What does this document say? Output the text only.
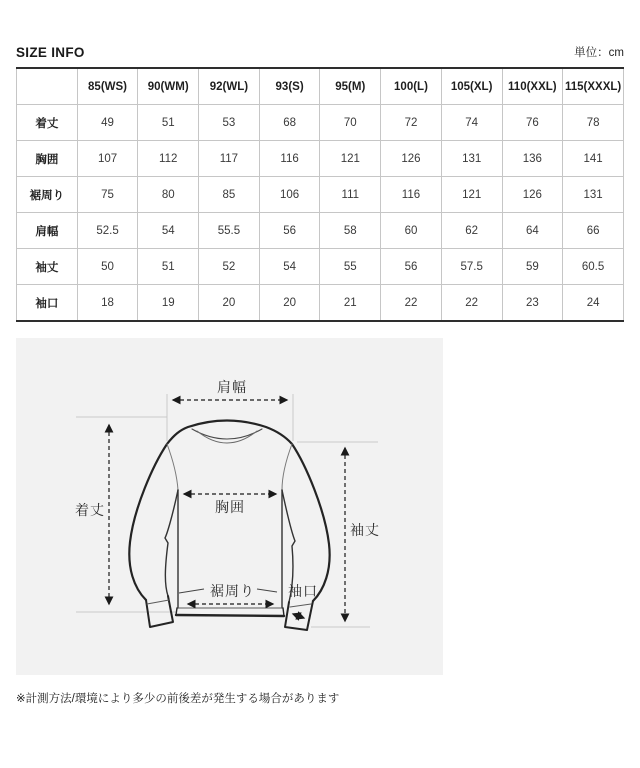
SIZE INFO	単位：cm
	85(WS)	90(WM)	92(WL)	93(S)	95(M)	100(L)	105(XL)	110(XXL)	115(XXXL)
着丈	49	51	53	68	70	72	74	76	78
胸囲	107	112	117	116	121	126	131	136	141
裾周り	75	80	85	106	111	116	121	126	131
肩幅	52.5	54	55.5	56	58	60	62	64	66
袖丈	50	51	52	54	55	56	57.5	59	60.5
袖口	18	19	20	20	21	22	22	23	24
肩幅
着丈	胸囲
裾周り 袖口
袖丈

※計測方法/環境により多少の前後差が発生する場合があります
